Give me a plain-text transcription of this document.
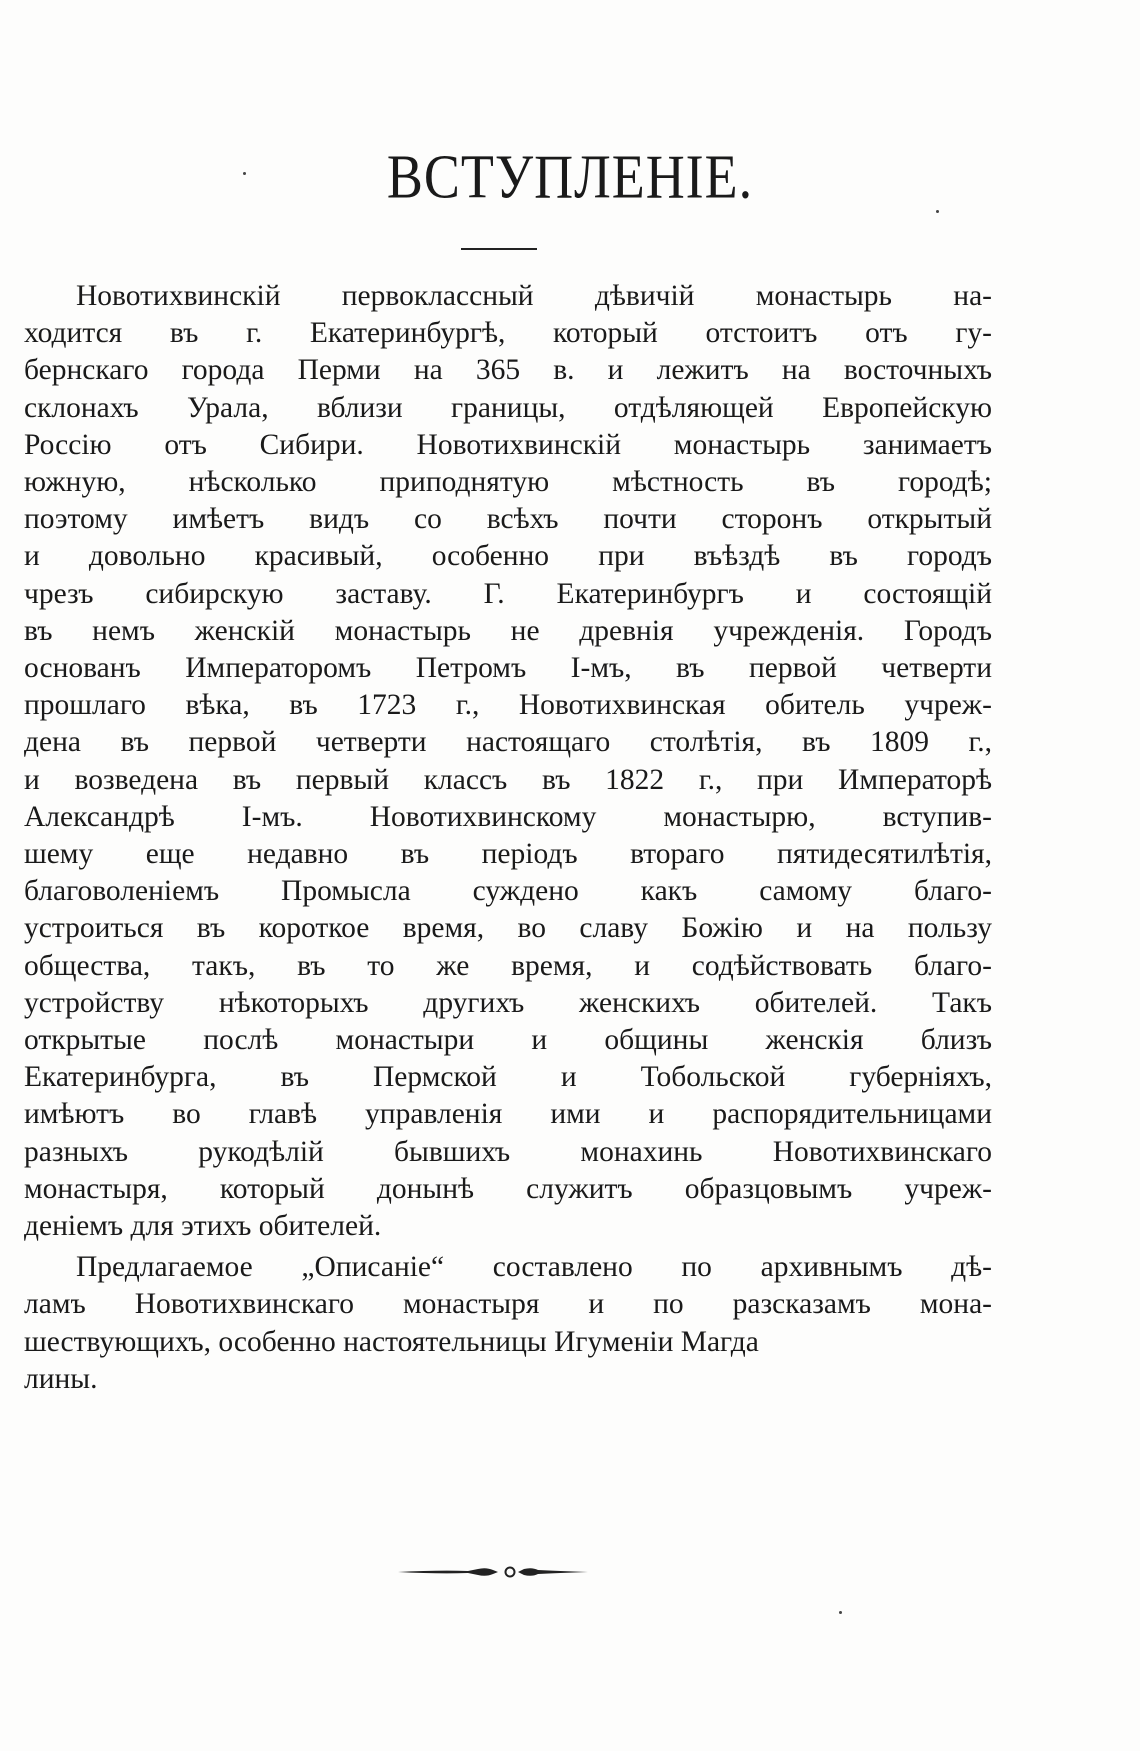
ВСТУПЛЕНІЕ.
Новотихвинскій первоклассный дѣвичій монастырь на-
ходится въ г. Екатеринбургѣ, который отстоитъ отъ гу-
бернскаго города Перми на 365 в. и лежитъ на восточныхъ
склонахъ Урала, вблизи границы, отдѣляющей Европейскую
Россію отъ Сибири. Новотихвинскій монастырь занимаетъ
южную, нѣсколько приподнятую мѣстность въ городѣ;
поэтому имѣетъ видъ со всѣхъ почти сторонъ открытый
и довольно красивый, особенно при въѣздѣ въ городъ
чрезъ сибирскую заставу. Г. Екатеринбургъ и состоящій
въ немъ женскій монастырь не древнія учрежденія. Городъ
основанъ Императоромъ Петромъ І-мъ, въ первой четверти
прошлаго вѣка, въ 1723 г., Новотихвинская обитель учреж-
дена въ первой четверти настоящаго столѣтія, въ 1809 г.,
и возведена въ первый классъ въ 1822 г., при Императорѣ
Александрѣ І-мъ. Новотихвинскому монастырю, вступив-
шему еще недавно въ періодъ втораго пятидесятилѣтія,
благоволеніемъ Промысла суждено какъ самому благо-
устроиться въ короткое время, во славу Божію и на пользу
общества, такъ, въ то же время, и содѣйствовать благо-
устройству нѣкоторыхъ другихъ женскихъ обителей. Такъ
открытые послѣ монастыри и общины женскія близъ
Екатеринбурга, въ Пермской и Тобольской губерніяхъ,
имѣютъ во главѣ управленія ими и распорядительницами
разныхъ рукодѣлій бывшихъ монахинь Новотихвинскаго
монастыря, который донынѣ служитъ образцовымъ учреж-
деніемъ для этихъ обителей.
Предлагаемое „Описаніе“ составлено по архивнымъ дѣ-
ламъ Новотихвинскаго монастыря и по разсказамъ мона-
шествующихъ, особенно настоятельницы Игуменіи Магда
лины.
